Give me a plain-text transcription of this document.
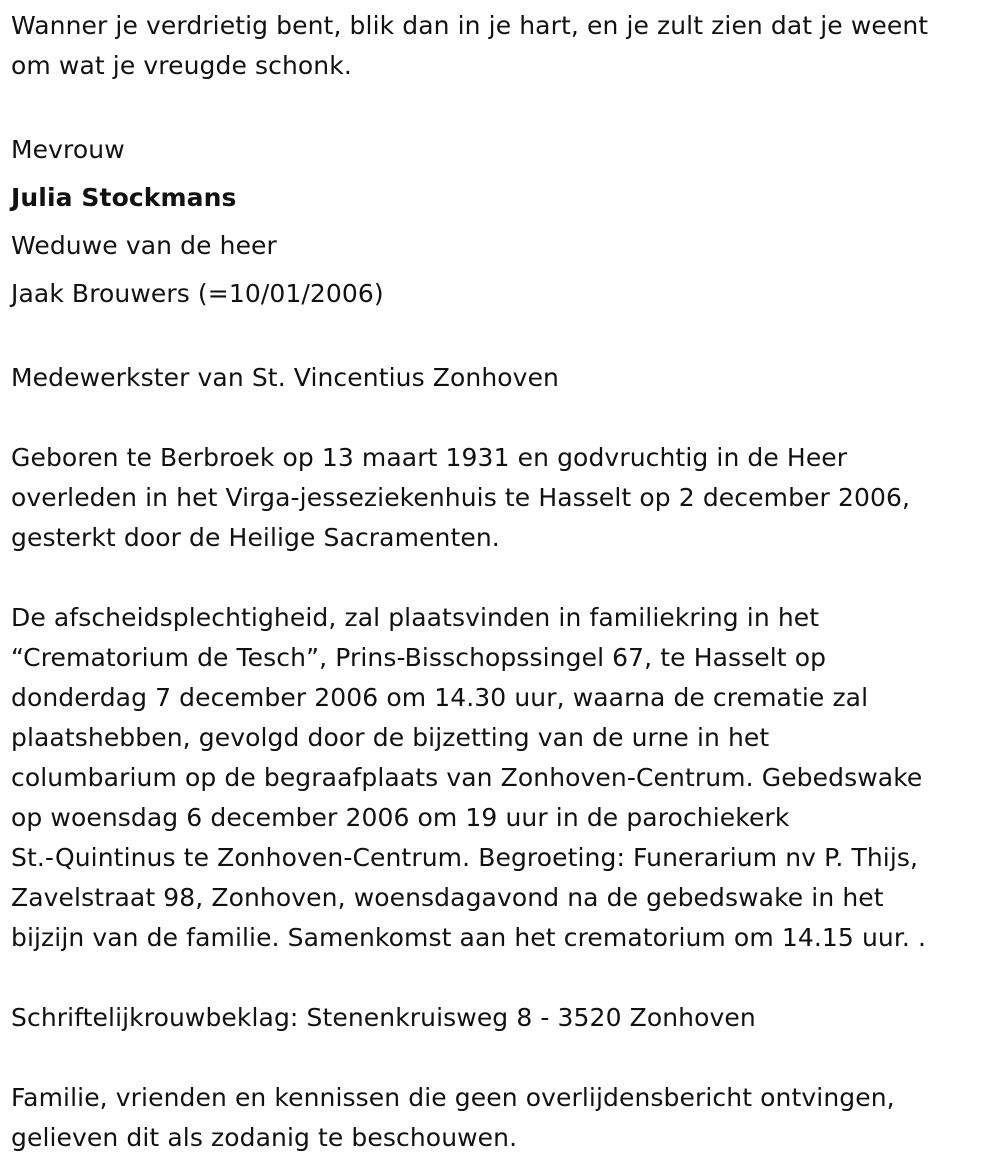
Wanner je verdrietig bent, blik dan in je hart, en je zult zien dat je weent
om wat je vreugde schonk.
Mevrouw
Julia Stockmans
Weduwe van de heer
Jaak Brouwers (=10/01/2006)
Medewerkster van St. Vincentius Zonhoven
Geboren te Berbroek op 13 maart 1931 en godvruchtig in de Heer
overleden in het Virga-jesseziekenhuis te Hasselt op 2 december 2006,
gesterkt door de Heilige Sacramenten.
De afscheidsplechtigheid, zal plaatsvinden in familiekring in het
“Crematorium de Tesch”, Prins-Bisschopssingel 67, te Hasselt op
donderdag 7 december 2006 om 14.30 uur, waarna de crematie zal
plaatshebben, gevolgd door de bijzetting van de urne in het
columbarium op de begraafplaats van Zonhoven-Centrum. Gebedswake
op woensdag 6 december 2006 om 19 uur in de parochiekerk
St.-Quintinus te Zonhoven-Centrum. Begroeting: Funerarium nv P. Thijs,
Zavelstraat 98, Zonhoven, woensdagavond na de gebedswake in het
bijzijn van de familie. Samenkomst aan het crematorium om 14.15 uur. .
Schriftelijkrouwbeklag: Stenenkruisweg 8 - 3520 Zonhoven
Familie, vrienden en kennissen die geen overlijdensbericht ontvingen,
gelieven dit als zodanig te beschouwen.
